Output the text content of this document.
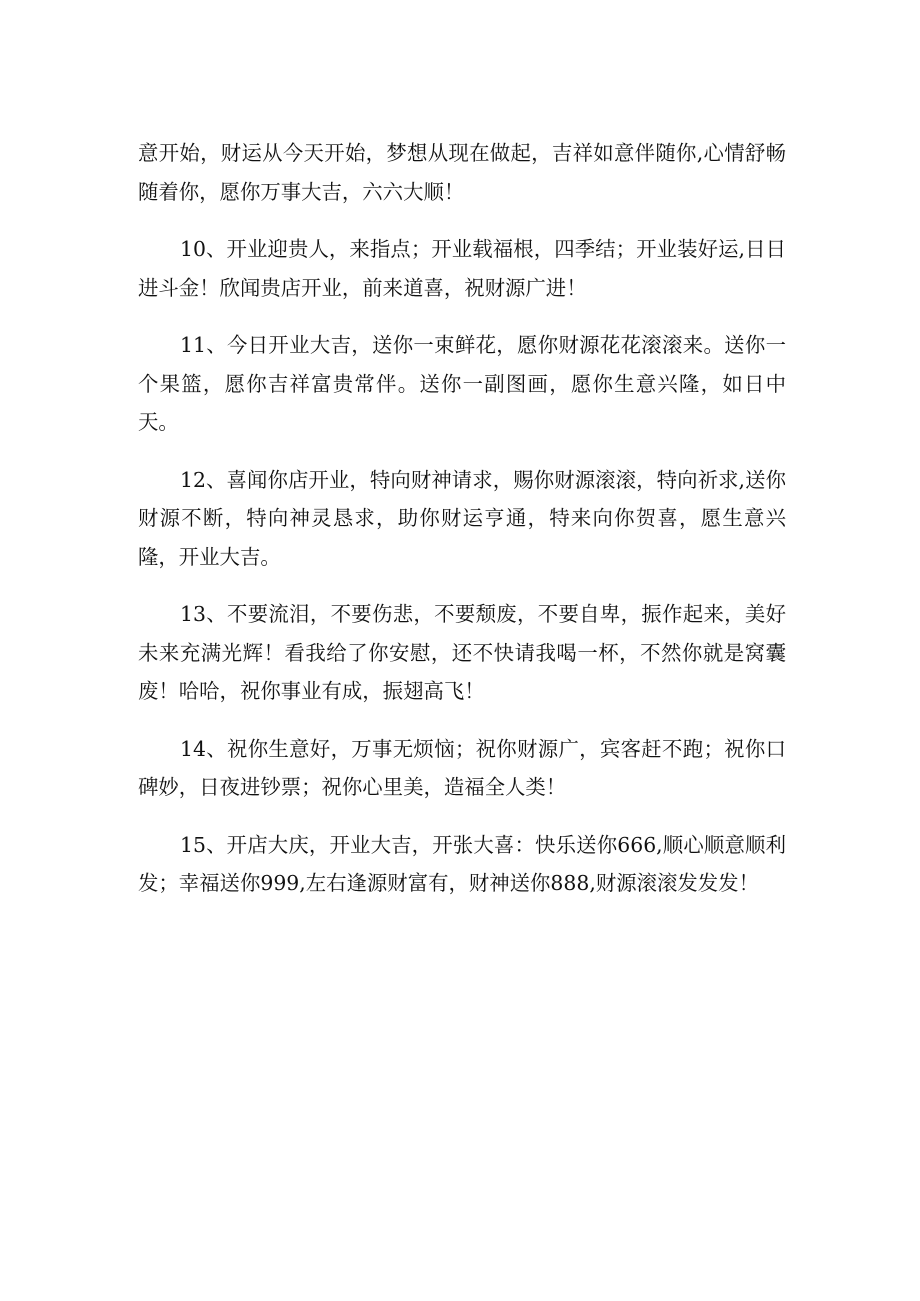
意开始，财运从今天开始，梦想从现在做起，吉祥如意伴随你,心情舒畅随着你，愿你万事大吉，六六大顺！

10、开业迎贵人，来指点；开业载福根，四季结；开业装好运,日日进斗金！欣闻贵店开业，前来道喜，祝财源广进！

11、今日开业大吉，送你一束鲜花，愿你财源花花滚滚来。送你一个果篮，愿你吉祥富贵常伴。送你一副图画，愿你生意兴隆，如日中天。

12、喜闻你店开业，特向财神请求，赐你财源滚滚，特向祈求,送你财源不断，特向神灵恳求，助你财运亨通，特来向你贺喜，愿生意兴隆，开业大吉。

13、不要流泪，不要伤悲，不要颓废，不要自卑，振作起来，美好未来充满光辉！看我给了你安慰，还不快请我喝一杯，不然你就是窝囊废！哈哈，祝你事业有成，振翅高飞！

14、祝你生意好，万事无烦恼；祝你财源广，宾客赶不跑；祝你口碑妙，日夜进钞票；祝你心里美，造福全人类！

15、开店大庆，开业大吉，开张大喜：快乐送你666,顺心顺意顺利发；幸福送你999,左右逢源财富有，财神送你888,财源滚滚发发发！
